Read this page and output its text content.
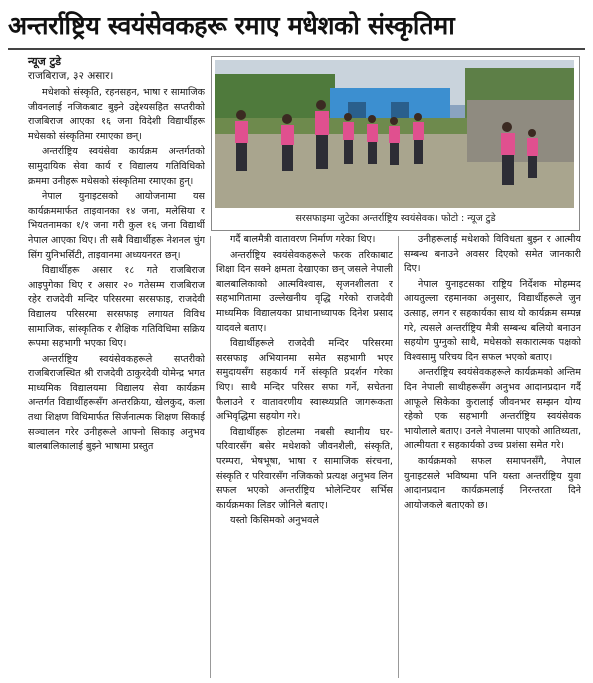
अन्तर्राष्ट्रिय स्वयंसेवकहरू रमाए मधेशको संस्कृतिमा
न्यूज टुडे
राजबिराज, ३२ असार।
सरसफाइमा जुटेका अन्तर्राष्ट्रिय स्वयंसेवक। फोटो : न्यूज टुडे

मधेशको संस्कृति, रहनसहन, भाषा र सामाजिक जीवनलाई नजिकबाट बुझ्ने उद्देश्यसहित सप्तरीको राजबिराज आएका १६ जना विदेशी विद्यार्थीहरू मधेसको संस्कृतिमा रमाएका छन्।

अन्तर्राष्ट्रिय स्वयंसेवा कार्यक्रम अन्तर्गतको सामुदायिक सेवा कार्य र विद्यालय गतिविधिको क्रममा उनीहरू मधेसको संस्कृतिमा रमाएका हुन्।

नेपाल युनाइटसको आयोजनामा यस कार्यक्रममार्फत ताइवानका १४ जना, मलेसिया र भियतनामका १/१ जना गरी कुल १६ जना विद्यार्थी नेपाल आएका थिए। ती सबै विद्यार्थीहरू नेशनल चुंग सिंग युनिभर्सिटी, ताइवानमा अध्ययनरत छन्।

विद्यार्थीहरू असार १८ गते राजबिराज आइपुगेका थिए र असार २० गतेसम्म राजबिराज रहेर राजदेवी मन्दिर परिसरमा सरसफाइ, राजदेवी विद्यालय परिसरमा सरसफाइ लगायत विविध सामाजिक, सांस्कृतिक र शैक्षिक गतिविधिमा सक्रिय रूपमा सहभागी भएका थिए।

अन्तर्राष्ट्रिय स्वयंसेवकहरूले सप्तरीको राजबिराजस्थित श्री राजदेवी ठाकुरदेवी योमेन्द्र भगत माध्यमिक विद्यालयमा विद्यालय सेवा कार्यक्रम अन्तर्गत विद्यार्थीहरूसँग अन्तरक्रिया, खेलकुद, कला तथा शिक्षण विधिमार्फत सिर्जनात्मक शिक्षण सिकाई सञ्चालन गरेर उनीहरूले आफ्नो सिकाइ अनुभव बालबालिकालाई बुझ्ने भाषामा प्रस्तुत

गर्दै बालमैत्री वातावरण निर्माण गरेका थिए।

अन्तर्राष्ट्रिय स्वयंसेवकहरूले फरक तरिकाबाट शिक्षा दिन सक्ने क्षमता देखाएका छन् जसले नेपाली बालबालिकाको आत्मविश्वास, सृजनशीलता र सहभागितामा उल्लेखनीय वृद्धि गरेको राजदेवी माध्यमिक विद्यालयका प्राधानाध्यापक दिनेश प्रसाद यादवले बताए।

विद्यार्थीहरूले राजदेवी मन्दिर परिसरमा सरसफाइ अभियानमा समेत सहभागी भएर समुदायसँग सहकार्य गर्ने संस्कृति प्रदर्शन गरेका थिए। साथै मन्दिर परिसर सफा गर्ने, सचेतना फैलाउने र वातावरणीय स्वास्थ्यप्रति जागरूकता अभिवृद्धिमा सहयोग गरे।

विद्यार्थीहरू होटलमा नबसी स्थानीय घर-परिवारसँग बसेर मधेशको जीवनशैली, संस्कृति, परम्परा, भेषभूषा, भाषा र सामाजिक संरचना, संस्कृति र परिवारसँग नजिकको प्रत्यक्ष अनुभव लिन सफल भएको अन्तर्राष्ट्रिय भोलेन्टियर सर्भिस कार्यक्रमका लिडर जोनिले बताए।

यस्तो किसिमको अनुभवले

उनीहरूलाई मधेशको विविधता बुझ्न र आत्मीय सम्बन्ध बनाउने अवसर दिएको समेत जानकारी दिए।

नेपाल युनाइटसका राष्ट्रिय निर्देशक मोहम्मद आयतुल्ला रहमानका अनुसार, विद्यार्थीहरूले जुन उत्साह, लगन र सहकार्यका साथ यो कार्यक्रम सम्पन्न गरे, त्यसले अन्तर्राष्ट्रिय मैत्री सम्बन्ध बलियो बनाउन सहयोग पुग्नुको साथै, मधेसको सकारात्मक पक्षको विश्वसामु परिचय दिन सफल भएको बताए।

अन्तर्राष्ट्रिय स्वयंसेवकहरूले कार्यक्रमको अन्तिम दिन नेपाली साथीहरूसँग अनुभव आदानप्रदान गर्दै आफूले सिकेका कुरालाई जीवनभर सम्झन योग्य रहेको एक सहभागी अन्तर्राष्ट्रिय स्वयंसेवक भायोलाले बताए। उनले नेपालमा पाएको आतिथ्यता, आत्मीयता र सहकार्यको उच्च प्रशंसा समेत गरे।

कार्यक्रमको सफल समापनसँगै, नेपाल युनाइटसले भविष्यमा पनि यस्ता अन्तर्राष्ट्रिय युवा आदानप्रदान कार्यक्रमलाई निरन्तरता दिने आयोजकले बताएको छ।
